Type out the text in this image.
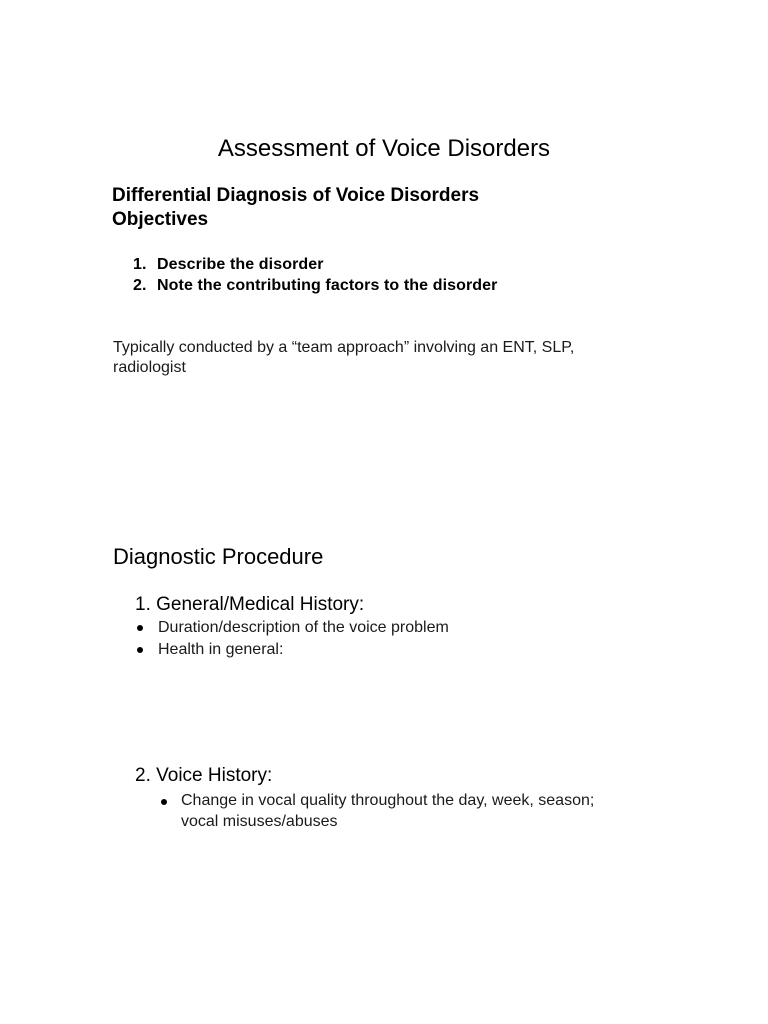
Assessment of Voice Disorders
Differential Diagnosis of Voice Disorders
Objectives
1. Describe the disorder
2. Note the contributing factors to the disorder
Typically conducted by a “team approach” involving an ENT, SLP,
radiologist
Diagnostic Procedure
1. General/Medical History:
Duration/description of the voice problem
Health in general:
2. Voice History:
Change in vocal quality throughout the day, week, season;
vocal misuses/abuses
